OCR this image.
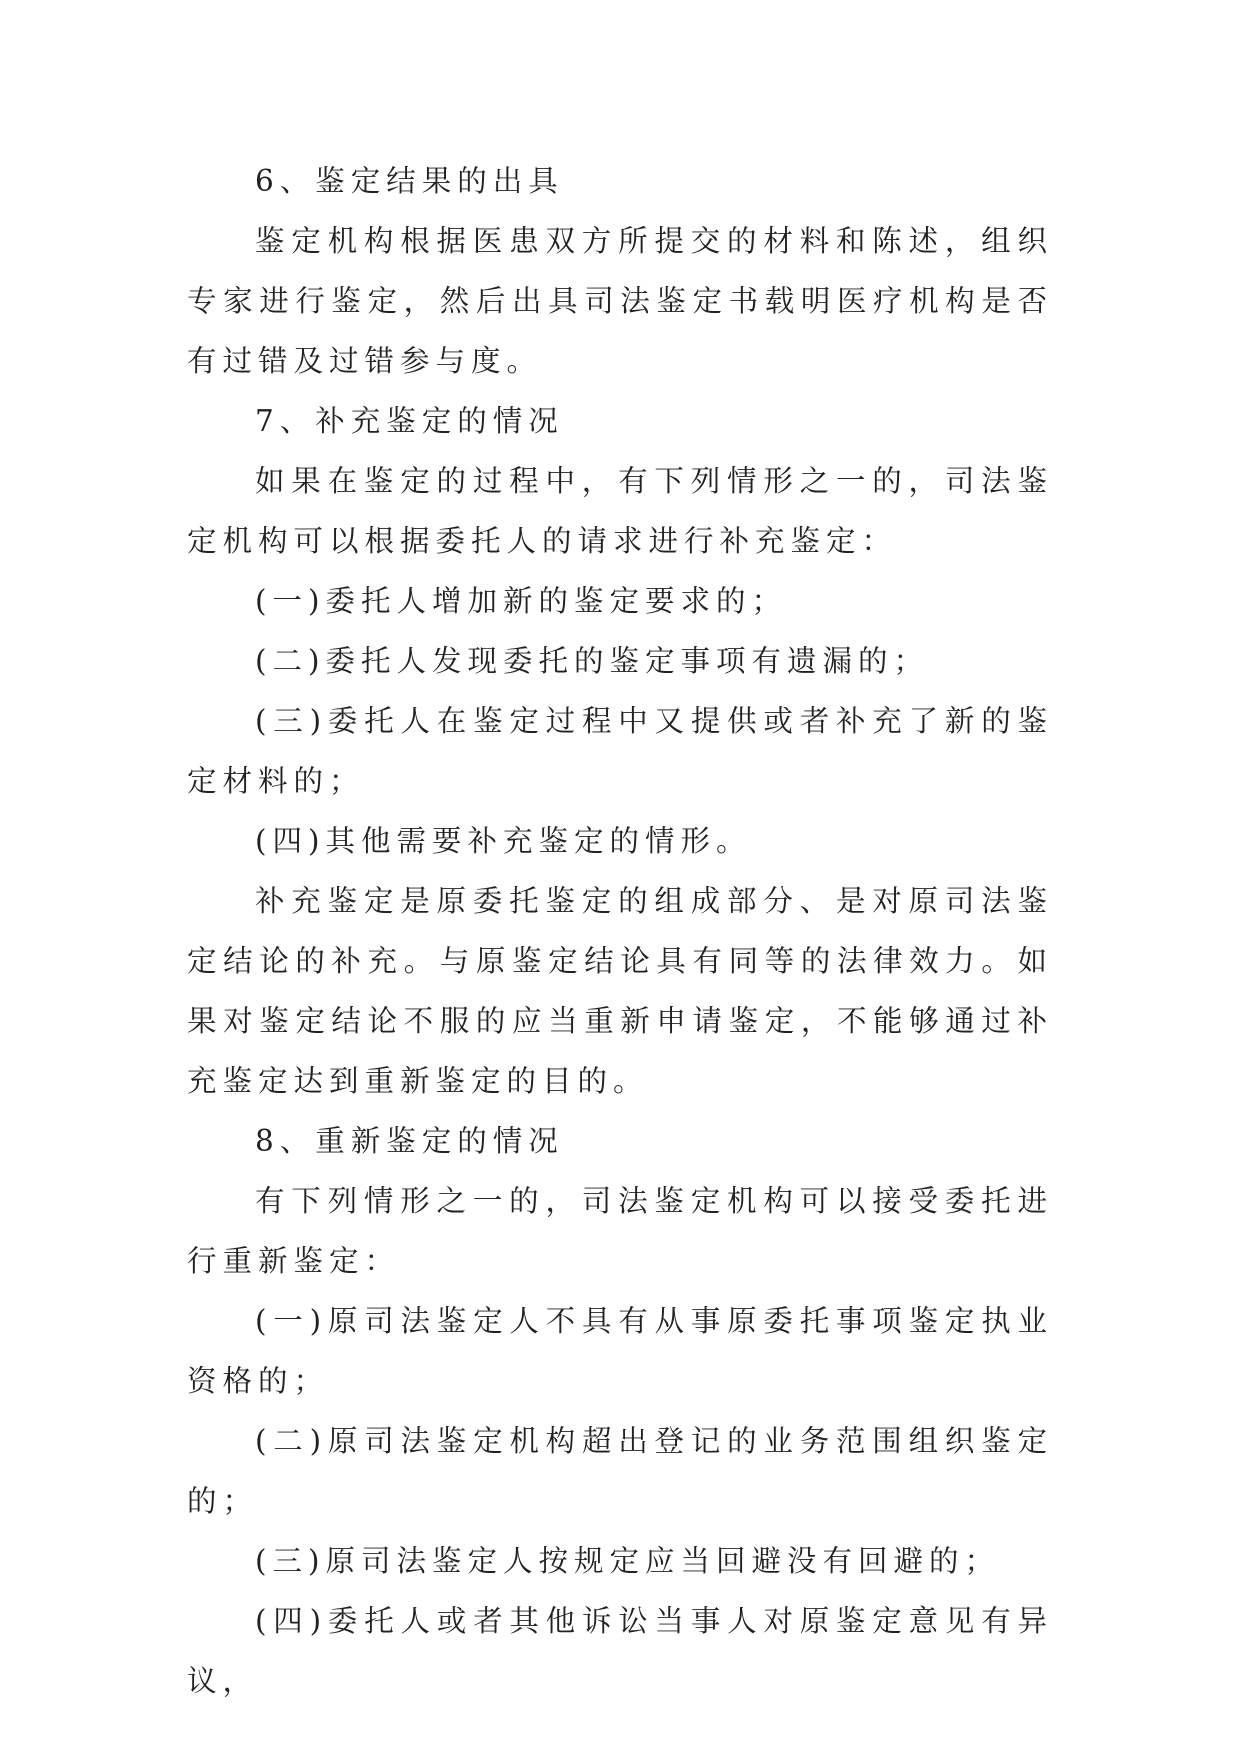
6、鉴定结果的出具

鉴定机构根据医患双方所提交的材料和陈述，组织专家进行鉴定，然后出具司法鉴定书载明医疗机构是否有过错及过错参与度。

7、补充鉴定的情况

如果在鉴定的过程中，有下列情形之一的，司法鉴定机构可以根据委托人的请求进行补充鉴定：

(一)委托人增加新的鉴定要求的；

(二)委托人发现委托的鉴定事项有遗漏的；

(三)委托人在鉴定过程中又提供或者补充了新的鉴定材料的；

(四)其他需要补充鉴定的情形。

补充鉴定是原委托鉴定的组成部分、是对原司法鉴定结论的补充。与原鉴定结论具有同等的法律效力。如果对鉴定结论不服的应当重新申请鉴定，不能够通过补充鉴定达到重新鉴定的目的。

8、重新鉴定的情况

有下列情形之一的，司法鉴定机构可以接受委托进行重新鉴定：

(一)原司法鉴定人不具有从事原委托事项鉴定执业资格的；

(二)原司法鉴定机构超出登记的业务范围组织鉴定的；

(三)原司法鉴定人按规定应当回避没有回避的；

(四)委托人或者其他诉讼当事人对原鉴定意见有异议，
